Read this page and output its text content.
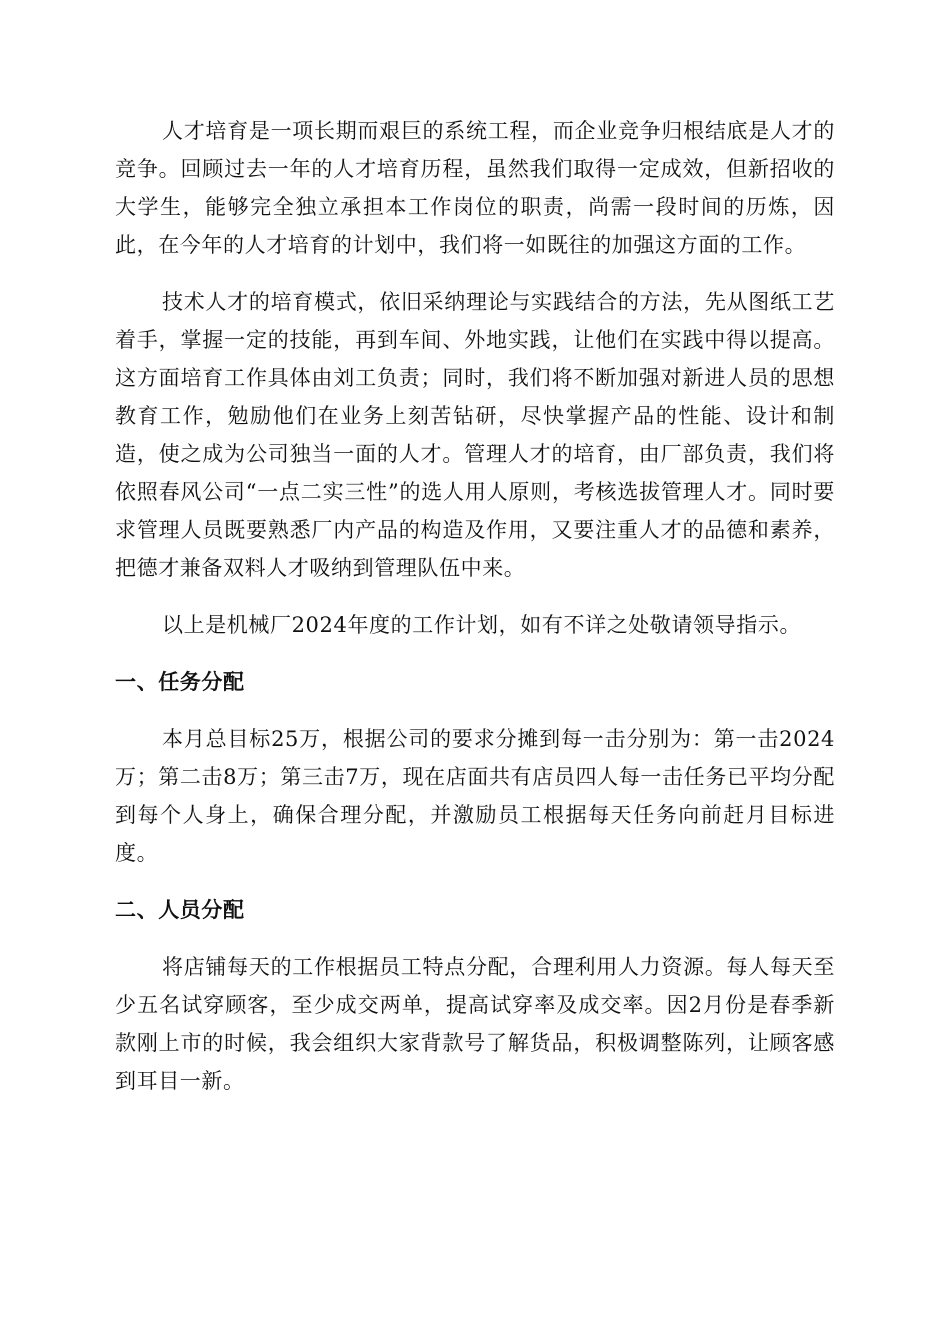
人才培育是一项长期而艰巨的系统工程，而企业竞争归根结底是人才的竞争。回顾过去一年的人才培育历程，虽然我们取得一定成效，但新招收的大学生，能够完全独立承担本工作岗位的职责，尚需一段时间的历炼，因此，在今年的人才培育的计划中，我们将一如既往的加强这方面的工作。

技术人才的培育模式，依旧采纳理论与实践结合的方法，先从图纸工艺着手，掌握一定的技能，再到车间、外地实践，让他们在实践中得以提高。这方面培育工作具体由刘工负责；同时，我们将不断加强对新进人员的思想教育工作，勉励他们在业务上刻苦钻研，尽快掌握产品的性能、设计和制造，使之成为公司独当一面的人才。管理人才的培育，由厂部负责，我们将依照春风公司“一点二实三性”的选人用人原则，考核选拔管理人才。同时要求管理人员既要熟悉厂内产品的构造及作用，又要注重人才的品德和素养，把德才兼备双料人才吸纳到管理队伍中来。

以上是机械厂2024年度的工作计划，如有不详之处敬请领导指示。

一、任务分配

本月总目标25万，根据公司的要求分摊到每一击分别为：第一击2024万；第二击8万；第三击7万，现在店面共有店员四人每一击任务已平均分配到每个人身上，确保合理分配，并激励员工根据每天任务向前赶月目标进度。

二、人员分配

将店铺每天的工作根据员工特点分配，合理利用人力资源。每人每天至少五名试穿顾客，至少成交两单，提高试穿率及成交率。因2月份是春季新款刚上市的时候，我会组织大家背款号了解货品，积极调整陈列，让顾客感到耳目一新。
